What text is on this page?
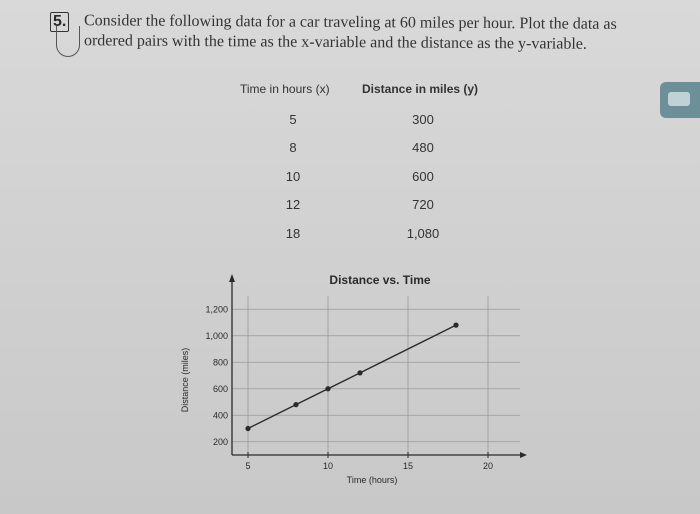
5. Consider the following data for a car traveling at 60 miles per hour. Plot the data as
ordered pairs with the time as the x-variable and the distance as the y-variable.
Time in hours (x)	Distance in miles (y)
5	300
8	480
10	600
12	720
18	1,080
200
400
600
800
1,000
1,200
5	10	15	20
Distance vs. Time
Time (hours)
Distance (miles)
